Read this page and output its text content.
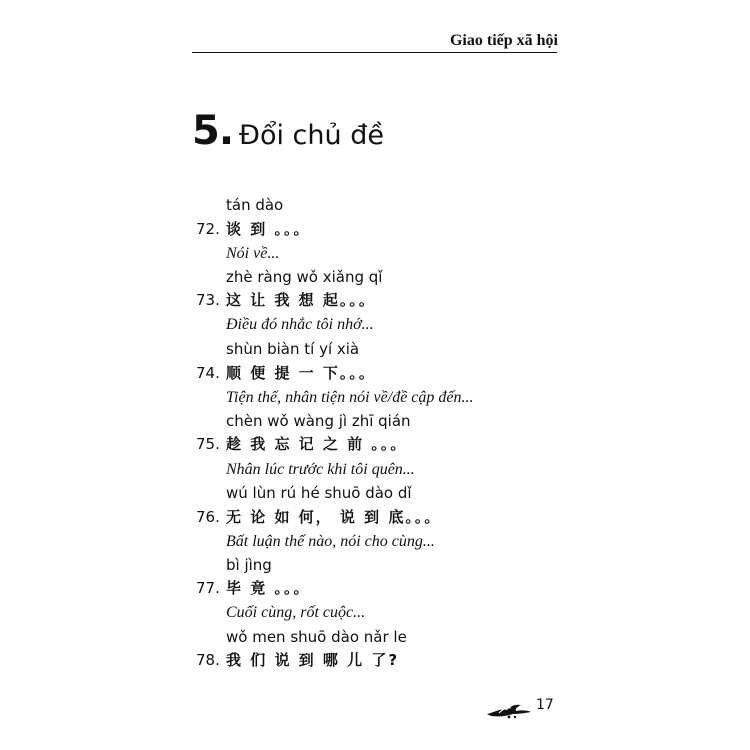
Giao tiếp xã hội
5. Đổi chủ đề
tán dào
72. 谈 到 。。。
Nói về...
zhè ràng wǒ xiǎng qǐ
73. 这 让 我 想 起。。。
Điều đó nhắc tôi nhớ...
shùn biàn tí yí xià
74. 顺 便 提 一 下。。。
Tiện thể, nhân tiện nói về/đề cập đến...
chèn wǒ wàng jì zhī qián
75. 趁 我 忘 记 之 前 。。。
Nhân lúc trước khi tôi quên...
wú lùn rú hé shuō dào dǐ
76. 无 论 如 何， 说 到 底。。。
Bất luận thế nào, nói cho cùng...
bì jìng
77. 毕 竟 。。。
Cuối cùng, rốt cuộc...
wǒ men shuō dào nǎr le
78. 我 们 说 到 哪 儿 了?
17
